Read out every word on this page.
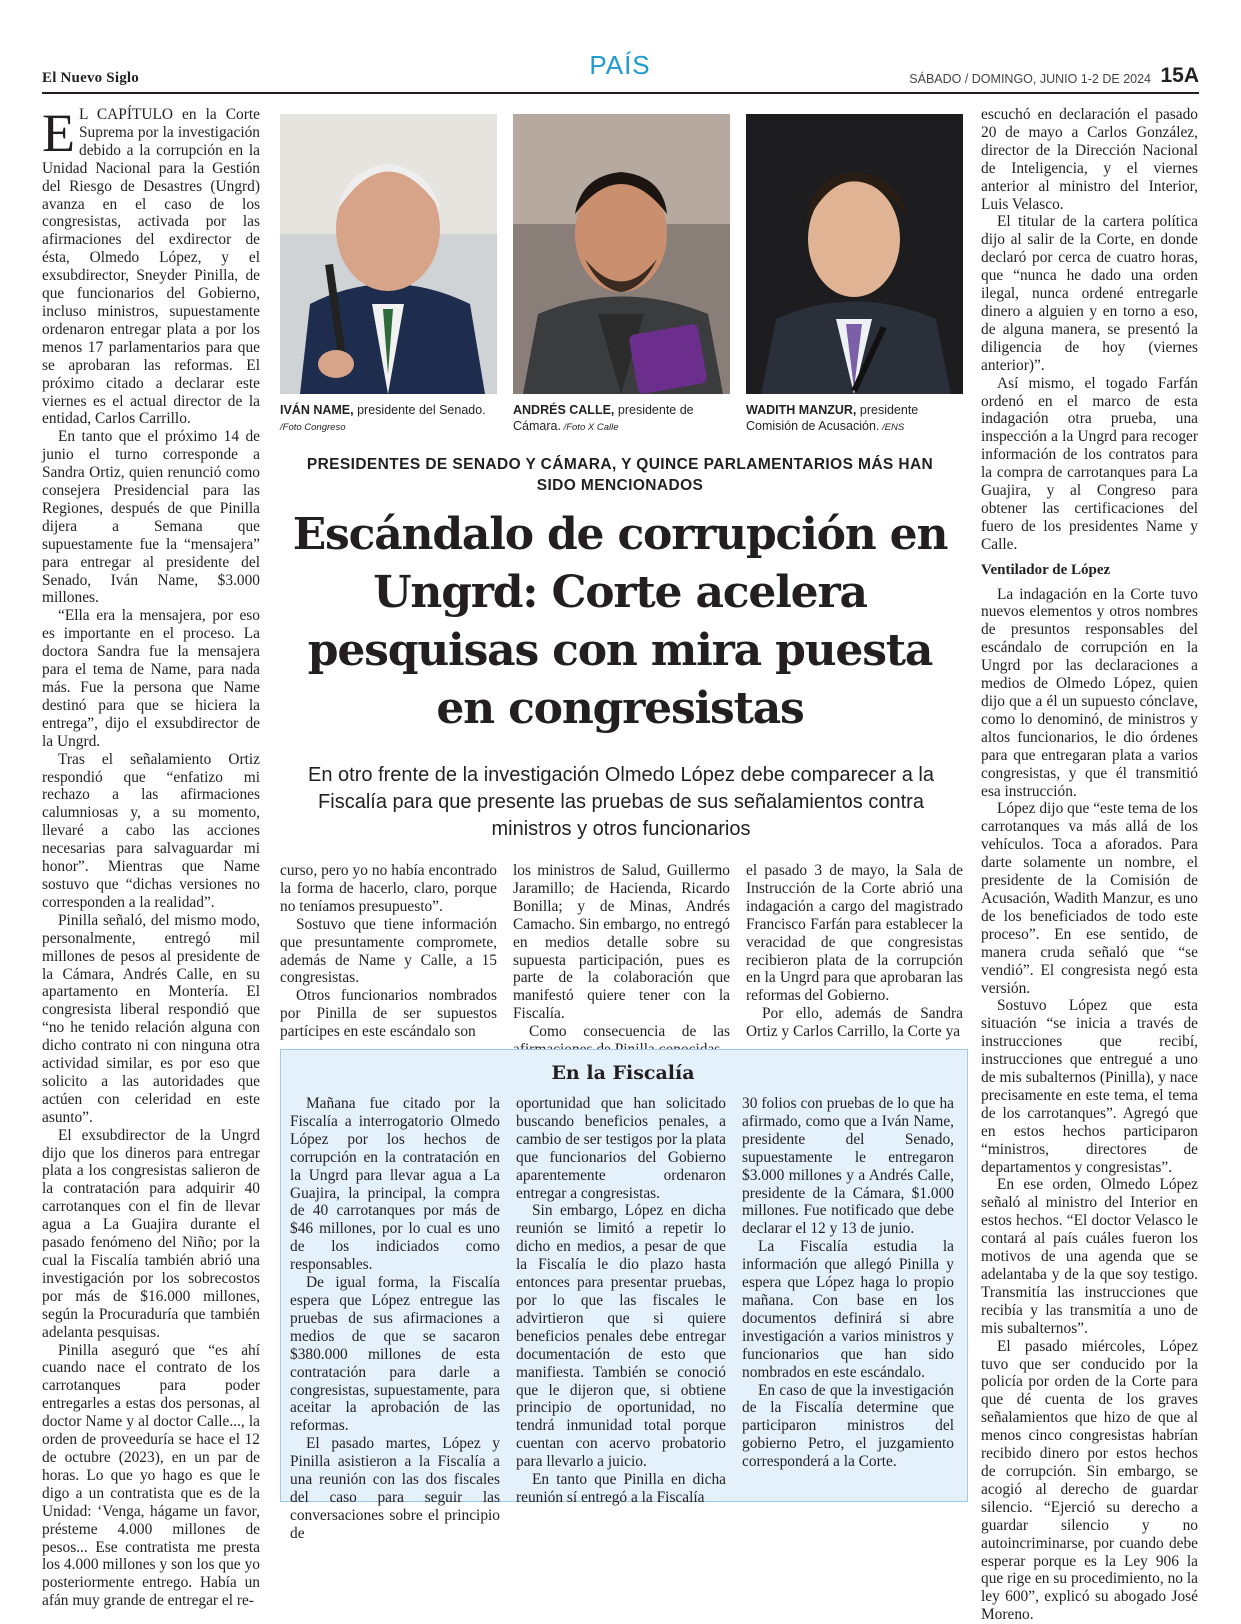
El Nuevo Siglo	PAÍS	SÁBADO / DOMINGO, JUNIO 1-2 DE 2024 15A

E L CAPÍTULO en la Corte Suprema por la investigación debido a la corrupción en la Unidad Nacional para la Gestión del Riesgo de Desastres (Ungrd) avanza en el caso de los congresistas, activada por las afirmaciones del exdirector de ésta, Olmedo López, y el exsubdirector, Sneyder Pinilla, de que funcionarios del Gobierno, incluso ministros, supuestamente ordenaron entregar plata a por los menos 17 parlamentarios para que se aprobaran las reformas. El próximo citado a declarar este viernes es el actual director de la entidad, Carlos Carrillo.

En tanto que el próximo 14 de junio el turno corresponde a Sandra Ortiz, quien renunció como consejera Presidencial para las Regiones, después de que Pinilla dijera a Semana que supuestamente fue la “mensajera” para entregar al presidente del Senado, Iván Name, $3.000 millones.

“Ella era la mensajera, por eso es importante en el proceso. La doctora Sandra fue la mensajera para el tema de Name, para nada más. Fue la persona que Name destinó para que se hiciera la entrega”, dijo el exsubdirector de la Ungrd.

Tras el señalamiento Ortiz respondió que “enfatizo mi rechazo a las afirmaciones calumniosas y, a su momento, llevaré a cabo las acciones necesarias para salvaguardar mi honor”. Mientras que Name sostuvo que “dichas versiones no corresponden a la realidad”.

Pinilla señaló, del mismo modo, personalmente, entregó mil millones de pesos al presidente de la Cámara, Andrés Calle, en su apartamento en Montería. El congresista liberal respondió que “no he tenido relación alguna con dicho contrato ni con ninguna otra actividad similar, es por eso que solicito a las autoridades que actúen con celeridad en este asunto”.

El exsubdirector de la Ungrd dijo que los dineros para entregar plata a los congresistas salieron de la contratación para adquirir 40 carrotanques con el fin de llevar agua a La Guajira durante el pasado fenómeno del Niño; por la cual la Fiscalía también abrió una investigación por los sobrecostos por más de $16.000 millones, según la Procuraduría que también adelanta pesquisas.

Pinilla aseguró que “es ahí cuando nace el contrato de los carrotanques para poder entregarles a estas dos personas, al doctor Name y al doctor Calle..., la orden de proveeduría se hace el 12 de octubre (2023), en un par de horas. Lo que yo hago es que le digo a un contratista que es de la Unidad: ‘Venga, hágame un favor, présteme 4.000 millones de pesos... Ese contratista me presta los 4.000 millones y son los que yo posteriormente entrego. Había un afán muy grande de entregar el re-

IVÁN NAME, presidente del Senado.
/Foto Congreso
ANDRÉS CALLE, presidente de Cámara. /Foto X Calle
WADITH MANZUR, presidente Comisión de Acusación. /ENS
PRESIDENTES DE SENADO Y CÁMARA, Y QUINCE PARLAMENTARIOS MÁS HAN SIDO MENCIONADOS
Escándalo de corrupción en Ungrd: Corte acelera pesquisas con mira puesta en congresistas
En otro frente de la investigación Olmedo López debe comparecer a la Fiscalía para que presente las pruebas de sus señalamientos contra ministros y otros funcionarios

curso, pero yo no había encontrado la forma de hacerlo, claro, porque no teníamos presupuesto”.

Sostuvo que tiene información que presuntamente compromete, además de Name y Calle, a 15 congresistas.

Otros funcionarios nombrados por Pinilla de ser supuestos partícipes en este escándalo son

los ministros de Salud, Guillermo Jaramillo; de Hacienda, Ricardo Bonilla; y de Minas, Andrés Camacho. Sin embargo, no entregó en medios detalle sobre su supuesta participación, pues es parte de la colaboración que manifestó quiere tener con la Fiscalía.

Como consecuencia de las

el pasado 3 de mayo, la Sala de Instrucción de la Corte abrió una indagación a cargo del magistrado Francisco Farfán para establecer la veracidad de que congresistas recibieron plata de la corrupción en la Ungrd para que aprobaran las reformas del Gobierno.

Por ello, además de Sandra Ortiz y Carlos Carrillo, la Corte ya

En la Fiscalía

Mañana fue citado por la Fiscalía a interrogatorio Olmedo López por los hechos de corrupción en la contratación en la Ungrd para llevar agua a La Guajira, la principal, la compra de 40 carrotanques por más de $46 millones, por lo cual es uno de los indiciados como responsables.

De igual forma, la Fiscalía espera que López entregue las pruebas de sus afirmaciones a medios de que se sacaron $380.000 millones de esta contratación para darle a congresistas, supuestamente, para aceitar la aprobación de las reformas.

El pasado martes, López y Pinilla asistieron a la Fiscalía a una reunión con las dos fiscales del caso para seguir las conversaciones sobre el principio de

oportunidad que han solicitado buscando beneficios penales, a cambio de ser testigos por la plata que funcionarios del Gobierno aparentemente ordenaron entregar a congresistas.

Sin embargo, López en dicha reunión se limitó a repetir lo dicho en medios, a pesar de que la Fiscalía le dio plazo hasta entonces para presentar pruebas, por lo que las fiscales le advirtieron que si quiere beneficios penales debe entregar documentación de esto que manifiesta. También se conoció que le dijeron que, si obtiene principio de oportunidad, no tendrá inmunidad total porque cuentan con acervo probatorio para llevarlo a juicio.

En tanto que Pinilla en dicha reunión sí entregó a la Fiscalía

30 folios con pruebas de lo que ha afirmado, como que a Iván Name, presidente del Senado, supuestamente le entregaron $3.000 millones y a Andrés Calle, presidente de la Cámara, $1.000 millones. Fue notificado que debe declarar el 12 y 13 de junio.

La Fiscalía estudia la información que allegó Pinilla y espera que López haga lo propio mañana. Con base en los documentos definirá si abre investigación a varios ministros y funcionarios que han sido nombrados en este escándalo.

En caso de que la investigación de la Fiscalía determine que participaron ministros del gobierno Petro, el juzgamiento corresponderá a la Corte.

escuchó en declaración el pasado 20 de mayo a Carlos González, director de la Dirección Nacional de Inteligencia, y el viernes anterior al ministro del Interior, Luis Velasco.

El titular de la cartera política dijo al salir de la Corte, en donde declaró por cerca de cuatro horas, que “nunca he dado una orden ilegal, nunca ordené entregarle dinero a alguien y en torno a eso, de alguna manera, se presentó la diligencia de hoy (viernes anterior)”.

Así mismo, el togado Farfán ordenó en el marco de esta indagación otra prueba, una inspección a la Ungrd para recoger información de los contratos para la compra de carrotanques para La Guajira, y al Congreso para obtener las certificaciones del fuero de los presidentes Name y Calle.

Ventilador de López

La indagación en la Corte tuvo nuevos elementos y otros nombres de presuntos responsables del escándalo de corrupción en la Ungrd por las declaraciones a medios de Olmedo López, quien dijo que a él un supuesto cónclave, como lo denominó, de ministros y altos funcionarios, le dio órdenes para que entregaran plata a varios congresistas, y que él transmitió esa instrucción.

López dijo que “este tema de los carrotanques va más allá de los vehículos. Toca a aforados. Para darte solamente un nombre, el presidente de la Comisión de Acusación, Wadith Manzur, es uno de los beneficiados de todo este proceso”. En ese sentido, de manera cruda señaló que “se vendió”. El congresista negó esta versión.

Sostuvo López que esta situación “se inicia a través de instrucciones que recibí, instrucciones que entregué a uno de mis subalternos (Pinilla), y nace precisamente en este tema, el tema de los carrotanques”. Agregó que en estos hechos participaron “ministros, directores de departamentos y congresistas”.

En ese orden, Olmedo López señaló al ministro del Interior en estos hechos. “El doctor Velasco le contará al país cuáles fueron los motivos de una agenda que se adelantaba y de la que soy testigo. Transmitía las instrucciones que recibía y las transmitía a uno de mis subalternos”.

El pasado miércoles, López tuvo que ser conducido por la policía por orden de la Corte para que dé cuenta de los graves señalamientos que hizo de que al menos cinco congresistas habrían recibido dinero por estos hechos de corrupción. Sin embargo, se acogió al derecho de guardar silencio. “Ejerció su derecho a guardar silencio y no autoincriminarse, por cuando debe esperar porque es la Ley 906 la que rige en su procedimiento, no la ley 600”, explicó su abogado José Moreno.
